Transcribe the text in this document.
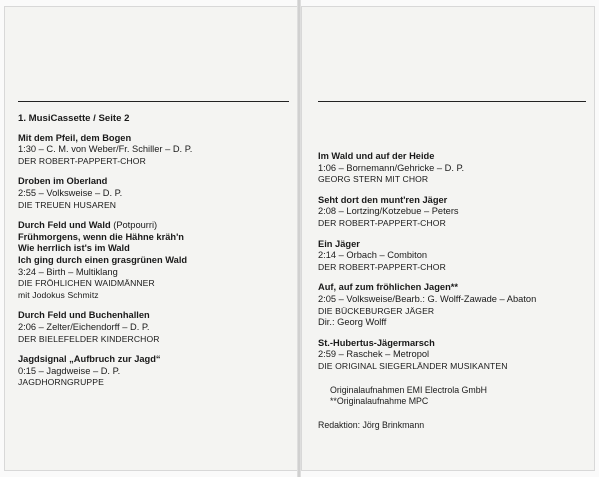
1. MusiCassette / Seite 2
Mit dem Pfeil, dem Bogen
1:30 – C. M. von Weber/Fr. Schiller – D. P.
DER ROBERT-PAPPERT-CHOR
Droben im Oberland
2:55 – Volksweise – D. P.
DIE TREUEN HUSAREN
Durch Feld und Wald (Potpourri)
Frühmorgens, wenn die Hähne kräh'n
Wie herrlich ist's im Wald
Ich ging durch einen grasgrünen Wald
3:24 – Birth – Multiklang
DIE FRÖHLICHEN WAIDMÄNNER
mit Jodokus Schmitz
Durch Feld und Buchenhallen
2:06 – Zelter/Eichendorff – D. P.
DER BIELEFELDER KINDERCHOR
Jagdsignal „Aufbruch zur Jagd“
0:15 – Jagdweise – D. P.
JAGDHORNGRUPPE
Im Wald und auf der Heide
1:06 – Bornemann/Gehricke – D. P.
GEORG STERN MIT CHOR
Seht dort den munt'ren Jäger
2:08 – Lortzing/Kotzebue – Peters
DER ROBERT-PAPPERT-CHOR
Ein Jäger
2:14 – Orbach – Combiton
DER ROBERT-PAPPERT-CHOR
Auf, auf zum fröhlichen Jagen**
2:05 – Volksweise/Bearb.: G. Wolff-Zawade – Abaton
DIE BÜCKEBURGER JÄGER
Dir.: Georg Wolff
St.-Hubertus-Jägermarsch
2:59 – Raschek – Metropol
DIE ORIGINAL SIEGERLÄNDER MUSIKANTEN
Originalaufnahmen EMI Electrola GmbH
**Originalaufnahme MPC
Redaktion: Jörg Brinkmann
